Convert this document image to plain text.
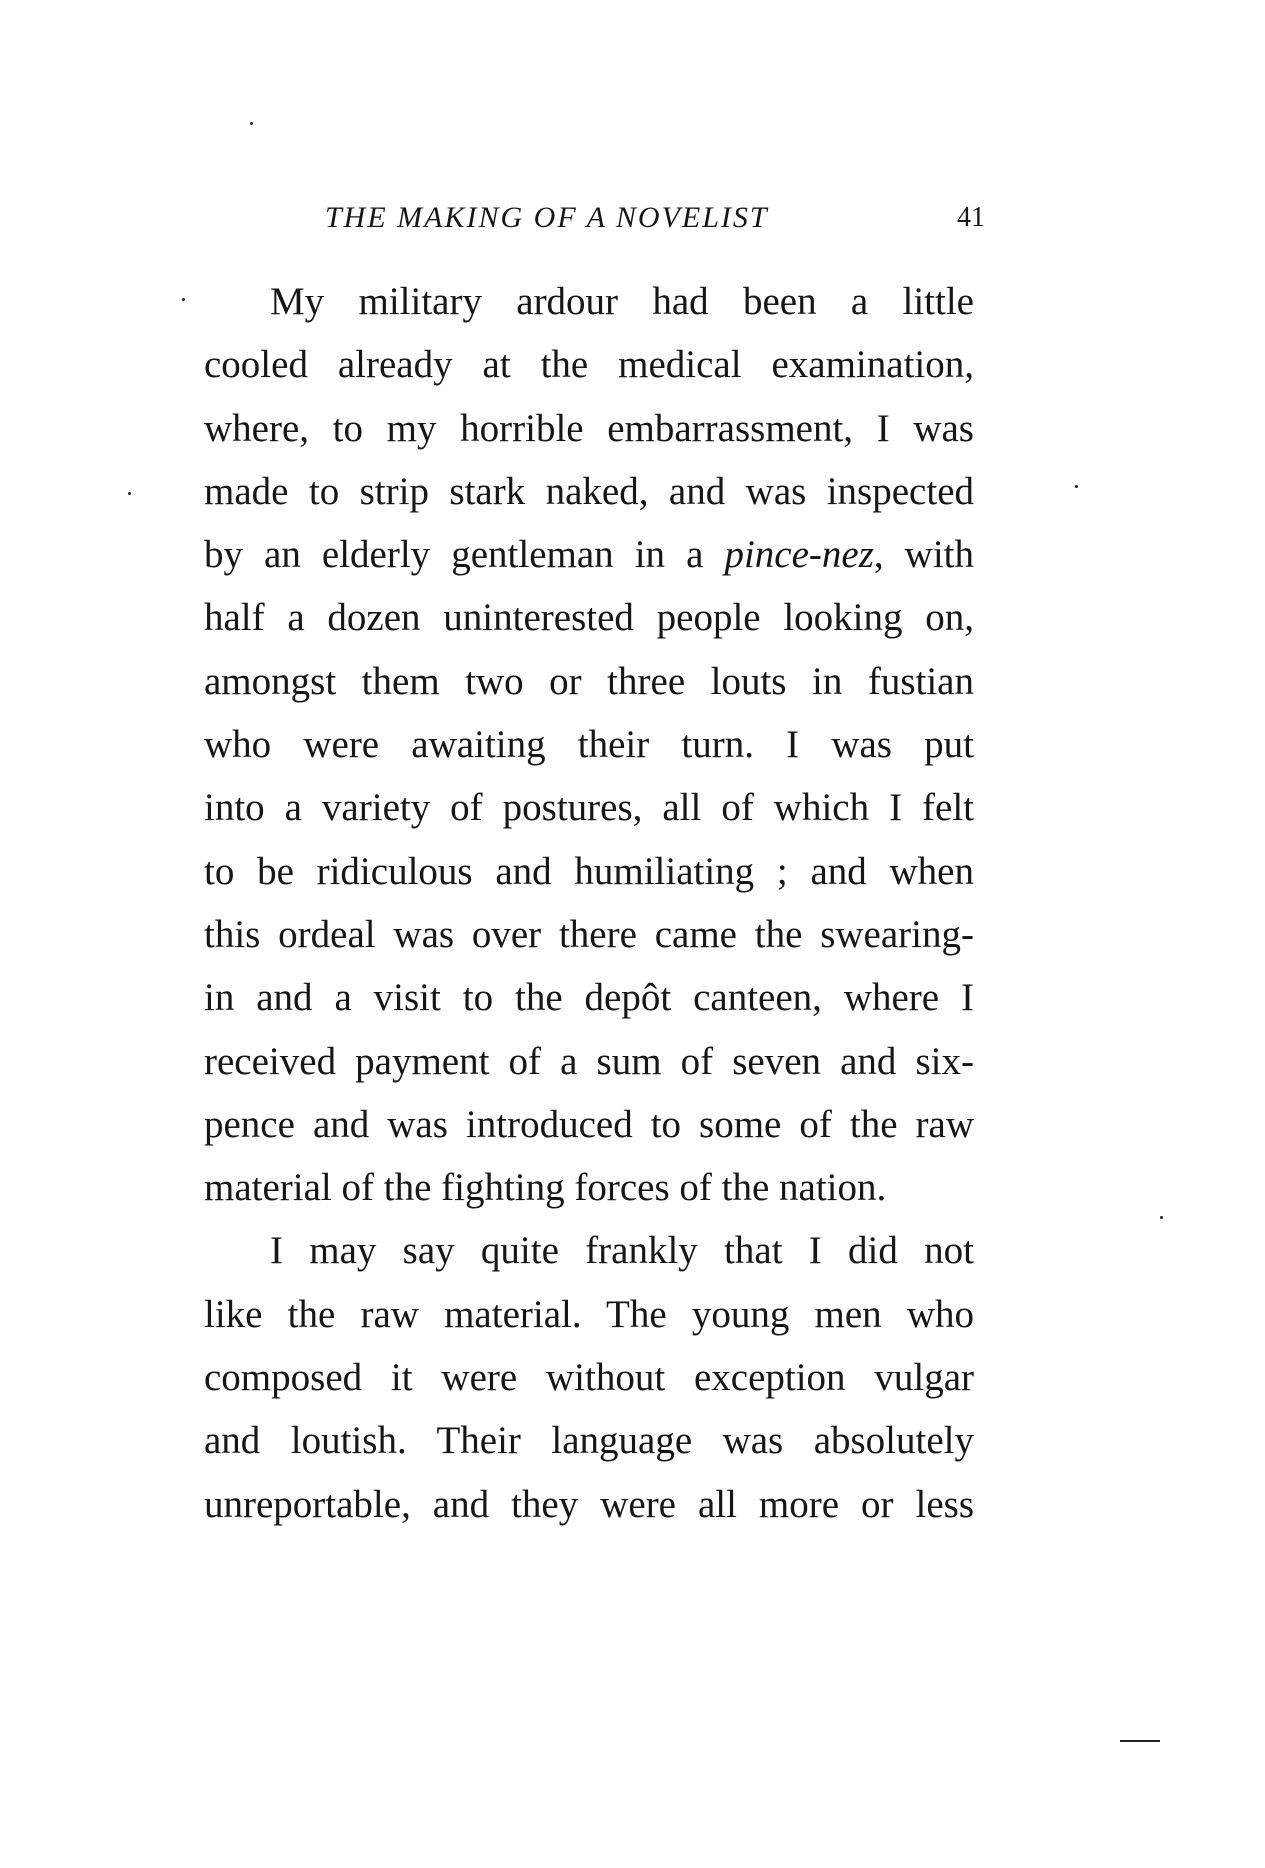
THE MAKING OF A NOVELIST	41
My military ardour had been a little
cooled already at the medical examination,
where, to my horrible embarrassment, I was
made to strip stark naked, and was inspected
by an elderly gentleman in a pince-nez, with
half a dozen uninterested people looking on,
amongst them two or three louts in fustian
who were awaiting their turn. I was put
into a variety of postures, all of which I felt
to be ridiculous and humiliating ; and when
this ordeal was over there came the swearing-
in and a visit to the depôt canteen, where I
received payment of a sum of seven and six-
pence and was introduced to some of the raw
material of the fighting forces of the nation.
I may say quite frankly that I did not
like the raw material. The young men who
composed it were without exception vulgar
and loutish. Their language was absolutely
unreportable, and they were all more or less
